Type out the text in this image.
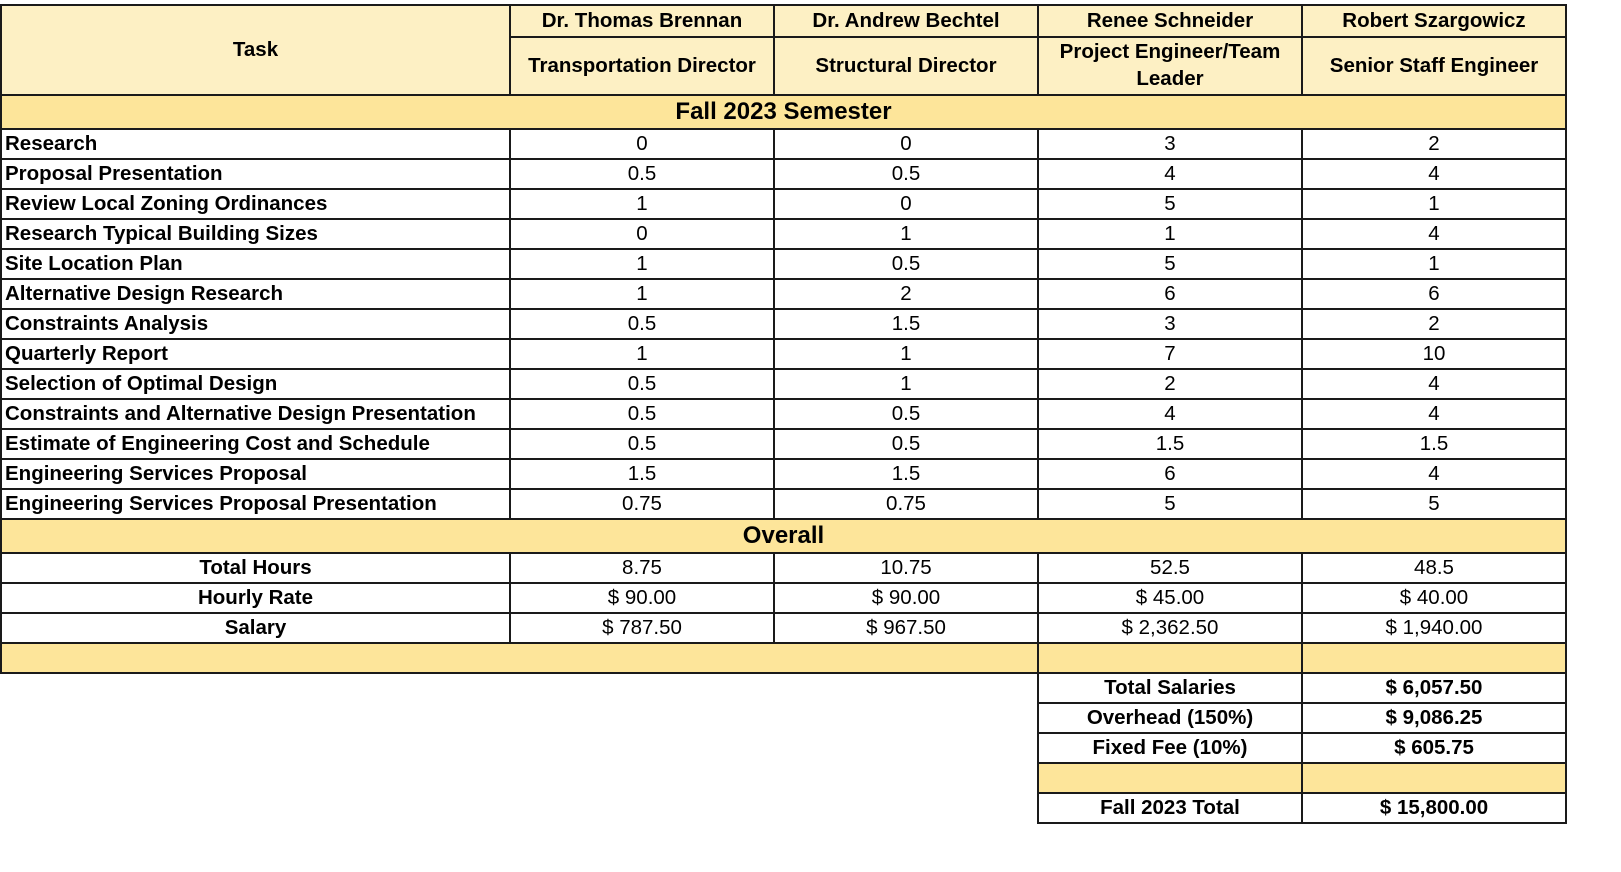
Task	Dr. Thomas Brennan	Dr. Andrew Bechtel	Renee Schneider	Robert Szargowicz
	Transportation Director	Structural Director	Project Engineer/Team Leader	Senior Staff Engineer
Fall 2023 Semester				
Research	0	0	3	2
Proposal Presentation	0.5	0.5	4	4
Review Local Zoning Ordinances	1	0	5	1
Research Typical Building Sizes	0	1	1	4
Site Location Plan	1	0.5	5	1
Alternative Design Research	1	2	6	6
Constraints Analysis	0.5	1.5	3	2
Quarterly Report	1	1	7	10
Selection of Optimal Design	0.5	1	2	4
Constraints and Alternative Design Presentation	0.5	0.5	4	4
Estimate of Engineering Cost and Schedule	0.5	0.5	1.5	1.5
Engineering Services Proposal	1.5	1.5	6	4
Engineering Services Proposal Presentation	0.75	0.75	5	5
Overall				
Total Hours	8.75	10.75	52.5	48.5
Hourly Rate	$ 90.00	$ 90.00	$ 45.00	$ 40.00
Salary	$ 787.50	$ 967.50	$ 2,362.50	$ 1,940.00

			Total Salaries	$ 6,057.50
			Overhead (150%)	$ 9,086.25
			Fixed Fee (10%)	$ 605.75

			Fall 2023 Total	$ 15,800.00
